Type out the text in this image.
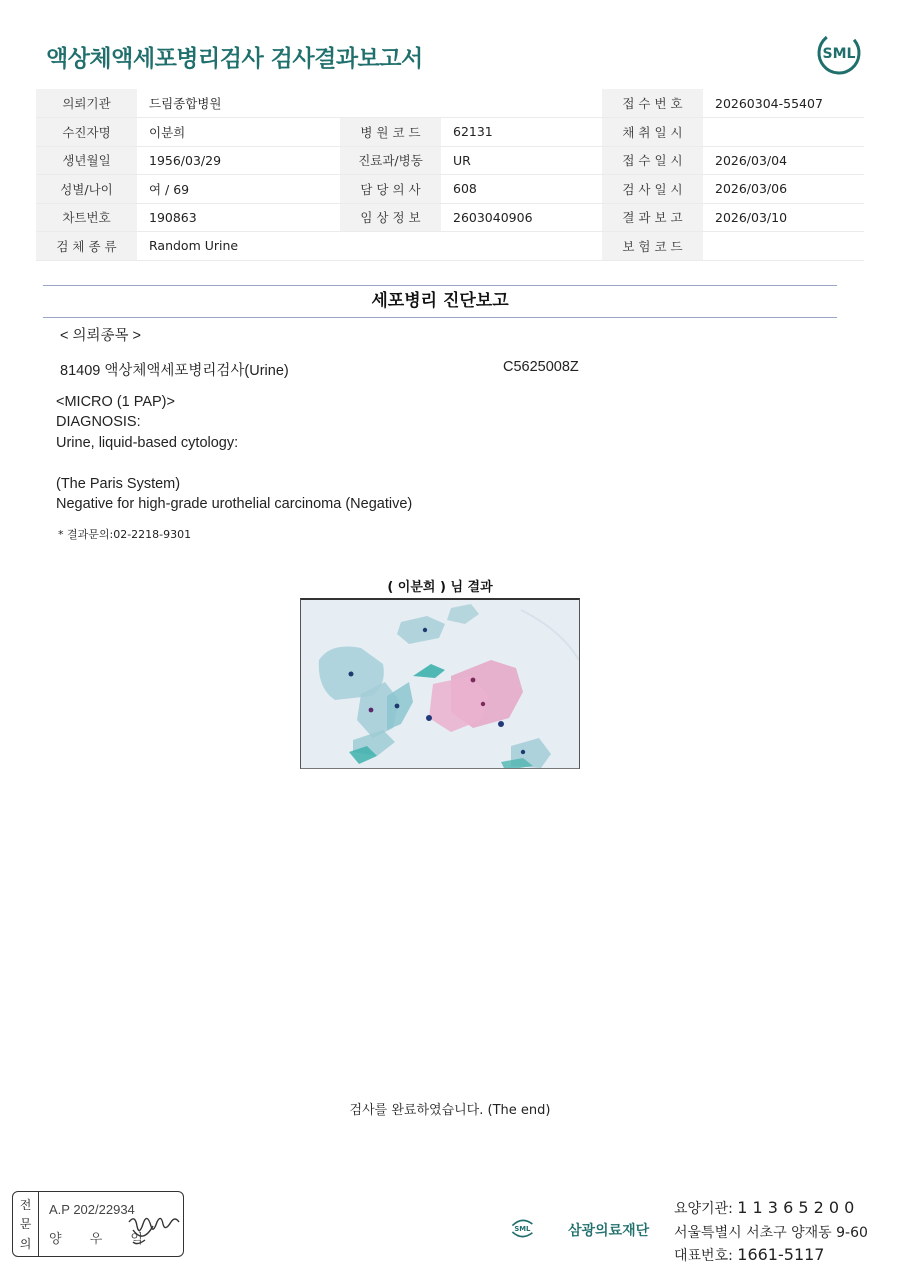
액상체액세포병리검사 검사결과보고서	SML
의뢰기관	드림종합병원			접 수 번 호	20260304-55407
수진자명	이분희	병 원 코 드	62131	채 취 일 시	
생년월일	1956/03/29	진료과/병동	UR	접 수 일 시	2026/03/04
성별/나이	여 / 69	담 당 의 사	608	검 사 일 시	2026/03/06
차트번호	190863	임 상 정 보	2603040906	결 과 보 고	2026/03/10
검 체 종 류	Random Urine			보 험 코 드	
세포병리 진단보고
< 의뢰종목 >
81409 액상체액세포병리검사(Urine)	C5625008Z
<MICRO (1 PAP)>
DIAGNOSIS:
Urine, liquid-based cytology:
(The Paris System)
Negative for high-grade urothelial carcinoma (Negative)
* 결과문의:02-2218-9301
( 이분희 ) 님 결과
검사를 완료하였습니다. (The end)
전
문
의
A.P 202/22934
양 우 익
SML	삼광의료재단
요양기관: 1 1 3 6 5 2 0 0
서울특별시 서초구 양재동 9-60
대표번호: 1661-5117
